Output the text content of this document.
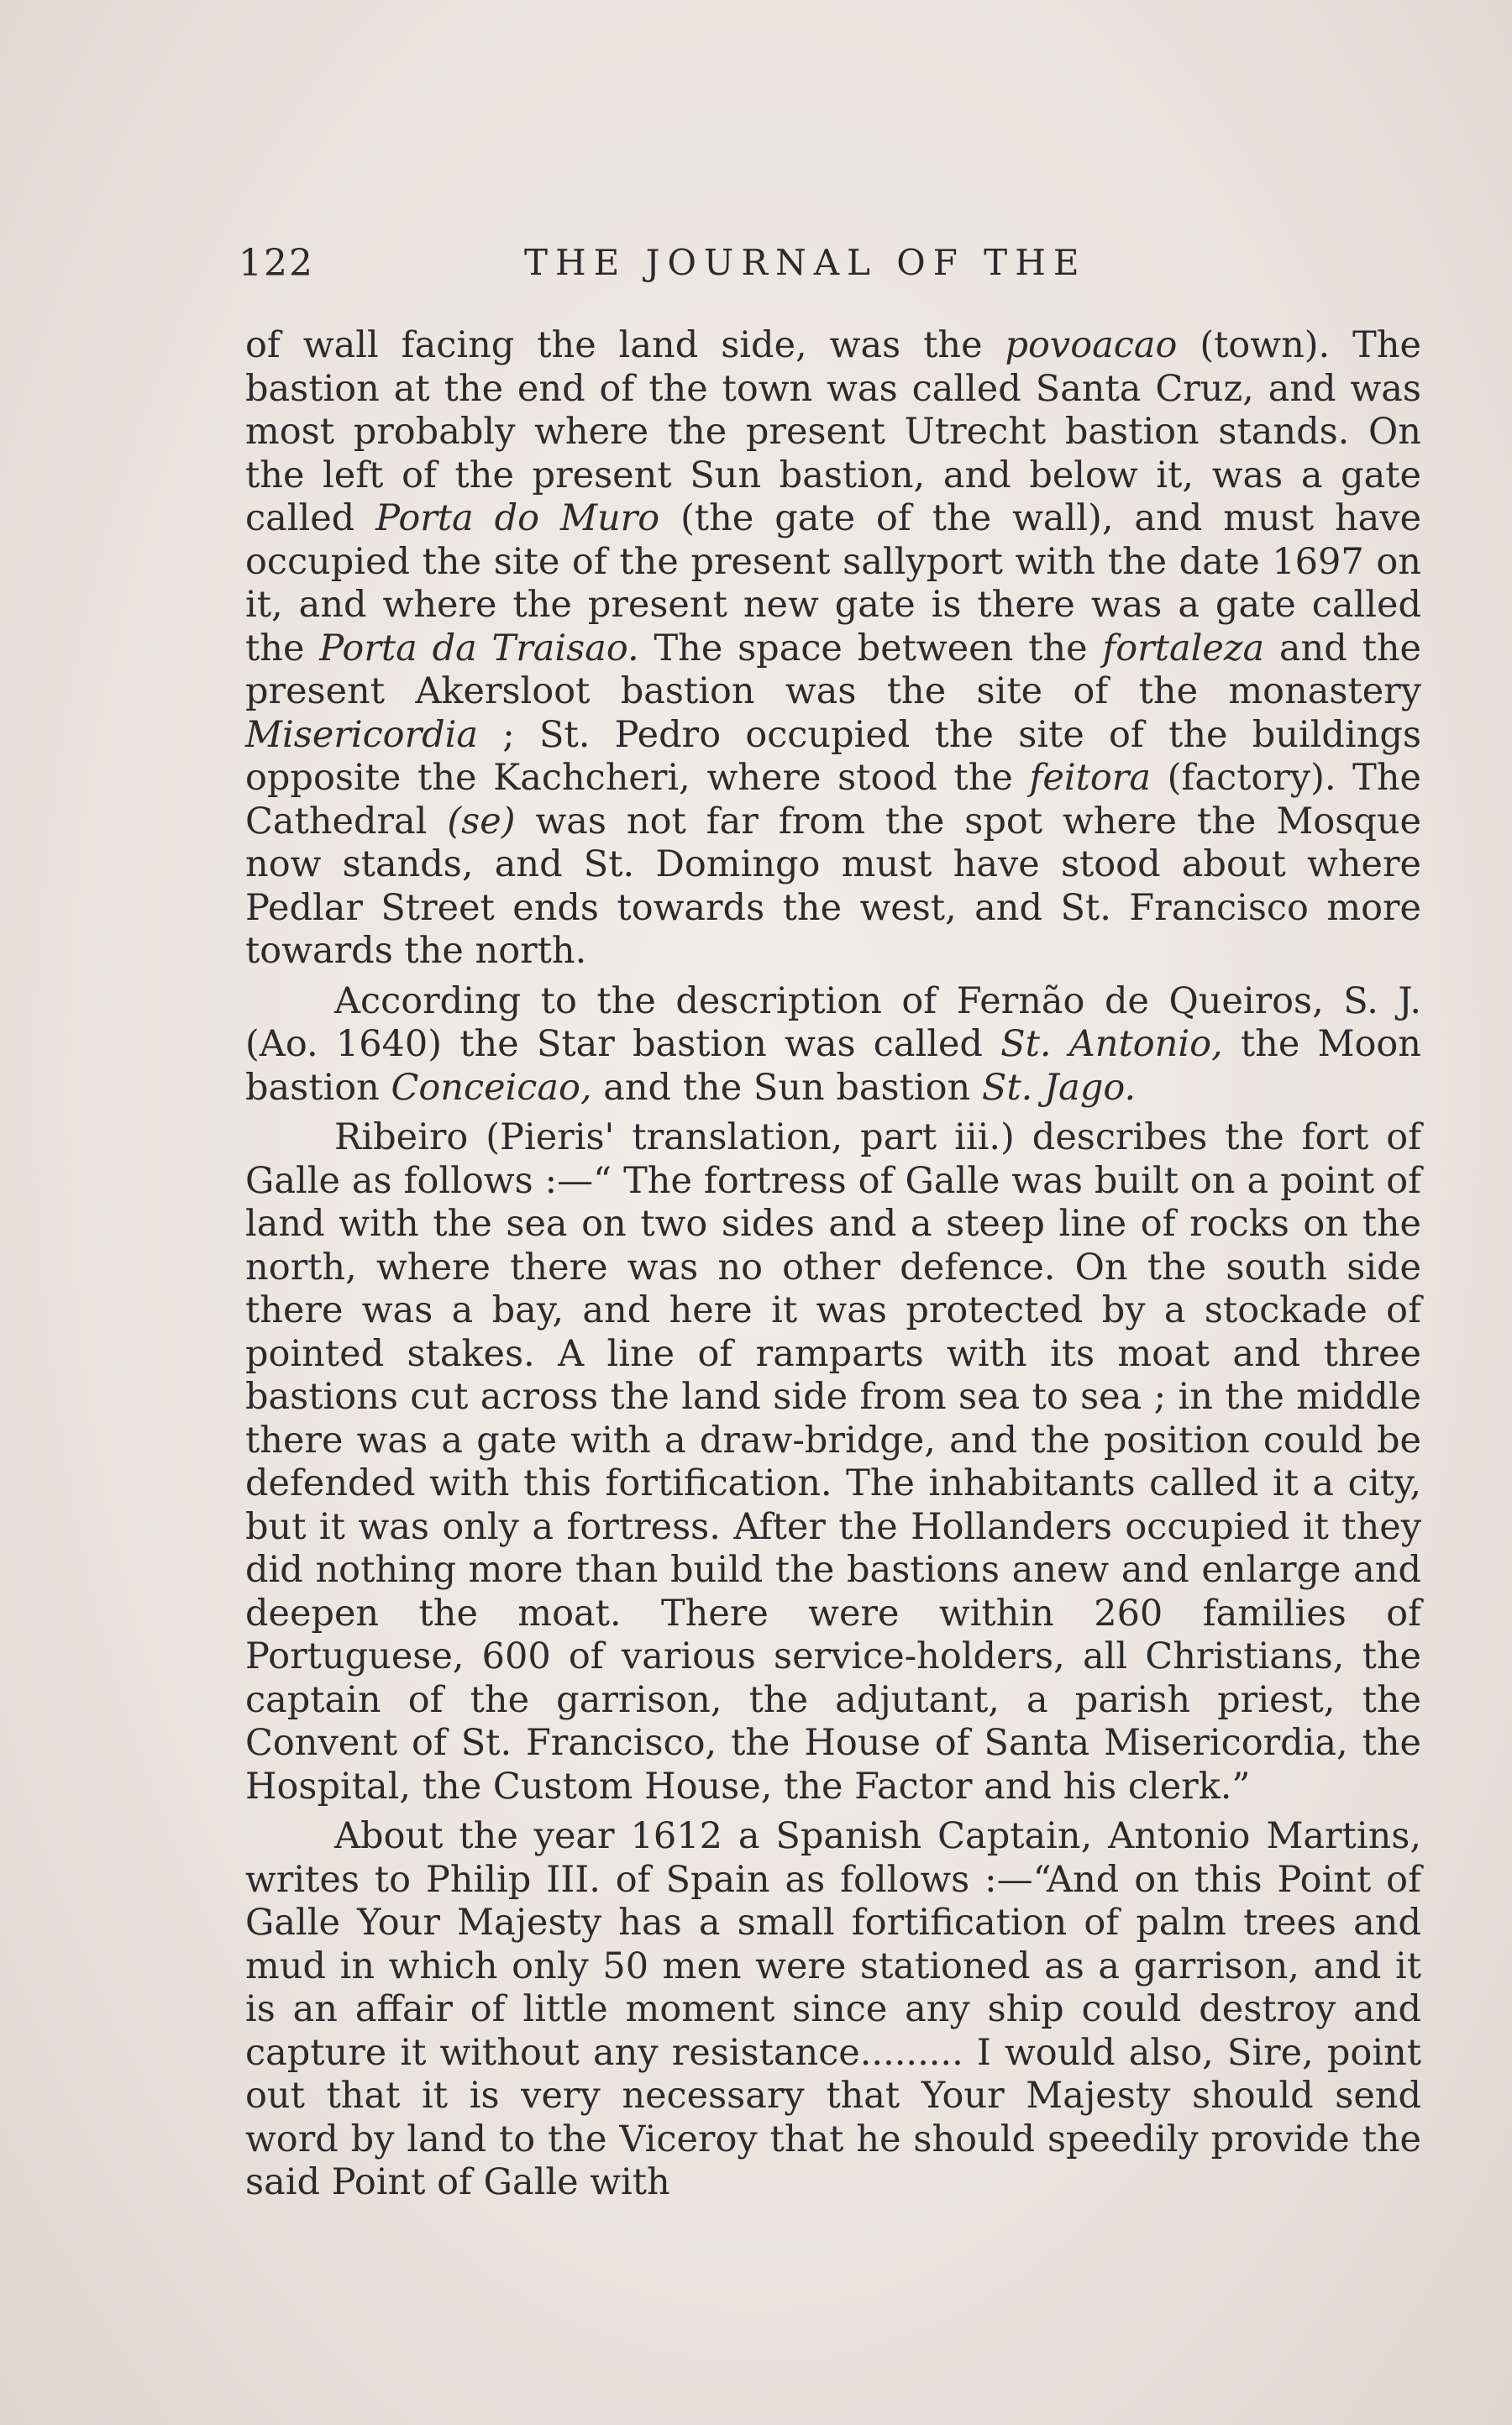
122	THE JOURNAL OF THE

of wall facing the land side, was the povoacao (town). The bastion at the end of the town was called Santa Cruz, and was most probably where the present Utrecht bastion stands. On the left of the present Sun bastion, and below it, was a gate called Porta do Muro (the gate of the wall), and must have occupied the site of the present sallyport with the date 1697 on it, and where the present new gate is there was a gate called the Porta da Traisao. The space between the fortaleza and the present Akersloot bastion was the site of the monastery Misericordia ; St. Pedro occupied the site of the buildings opposite the Kachcheri, where stood the feitora (factory). The Cathedral (se) was not far from the spot where the Mosque now stands, and St. Domingo must have stood about where Pedlar Street ends towards the west, and St. Francisco more towards the north.

According to the description of Fernão de Queiros, S. J. (Ao. 1640) the Star bastion was called St. Antonio, the Moon bastion Conceicao, and the Sun bastion St. Jago.

Ribeiro (Pieris' translation, part iii.) describes the fort of Galle as follows :—“ The fortress of Galle was built on a point of land with the sea on two sides and a steep line of rocks on the north, where there was no other defence. On the south side there was a bay, and here it was protected by a stockade of pointed stakes. A line of ramparts with its moat and three bastions cut across the land side from sea to sea ; in the middle there was a gate with a draw-bridge, and the position could be defended with this fortification. The inhabitants called it a city, but it was only a fortress. After the Hollanders occupied it they did nothing more than build the bastions anew and enlarge and deepen the moat. There were within 260 families of Portuguese, 600 of various service-holders, all Christians, the captain of the garrison, the adjutant, a parish priest, the Convent of St. Francisco, the House of Santa Misericordia, the Hospital, the Custom House, the Factor and his clerk.”

About the year 1612 a Spanish Captain, Antonio Martins, writes to Philip III. of Spain as follows :—“And on this Point of Galle Your Majesty has a small fortification of palm trees and mud in which only 50 men were stationed as a garrison, and it is an affair of little moment since any ship could destroy and capture it without any resistance......... I would also, Sire, point out that it is very necessary that Your Majesty should send word by land to the Viceroy that he should speedily provide the said Point of Galle with
